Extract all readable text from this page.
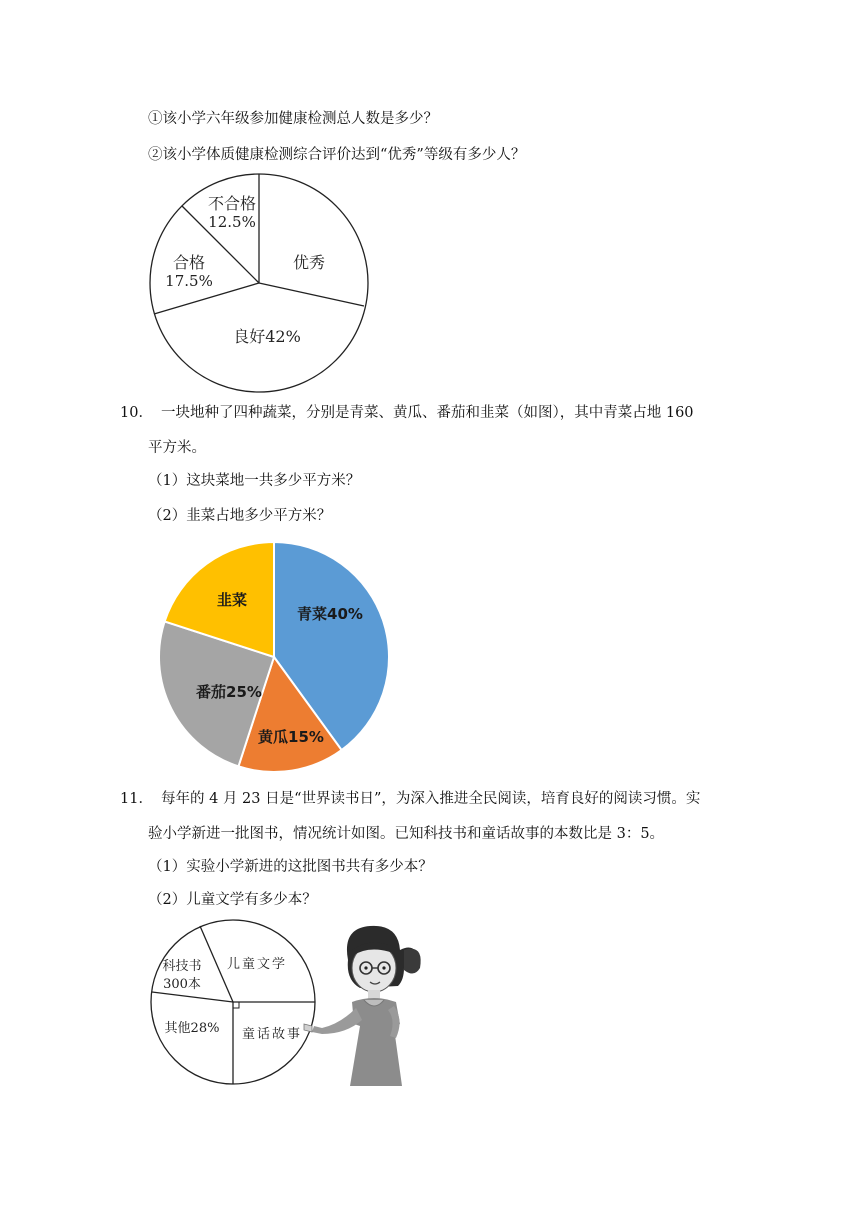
①该小学六年级参加健康检测总人数是多少？
②该小学体质健康检测综合评价达到“优秀”等级有多少人？
优秀
良好42%
合格
17.5%
不合格
12.5%
10． 一块地种了四种蔬菜，分别是青菜、黄瓜、番茄和韭菜（如图），其中青菜占地 160
平方米。
（1）这块菜地一共多少平方米？
（2）韭菜占地多少平方米？
青菜40%
黄瓜15%
番茄25%
韭菜
11． 每年的 4 月 23 日是“世界读书日”，为深入推进全民阅读，培育良好的阅读习惯。实
验小学新进一批图书，情况统计如图。已知科技书和童话故事的本数比是 3：5。
（1）实验小学新进的这批图书共有多少本？
（2）儿童文学有多少本？
儿童文学
童话故事
其他28%
科技书
300本
